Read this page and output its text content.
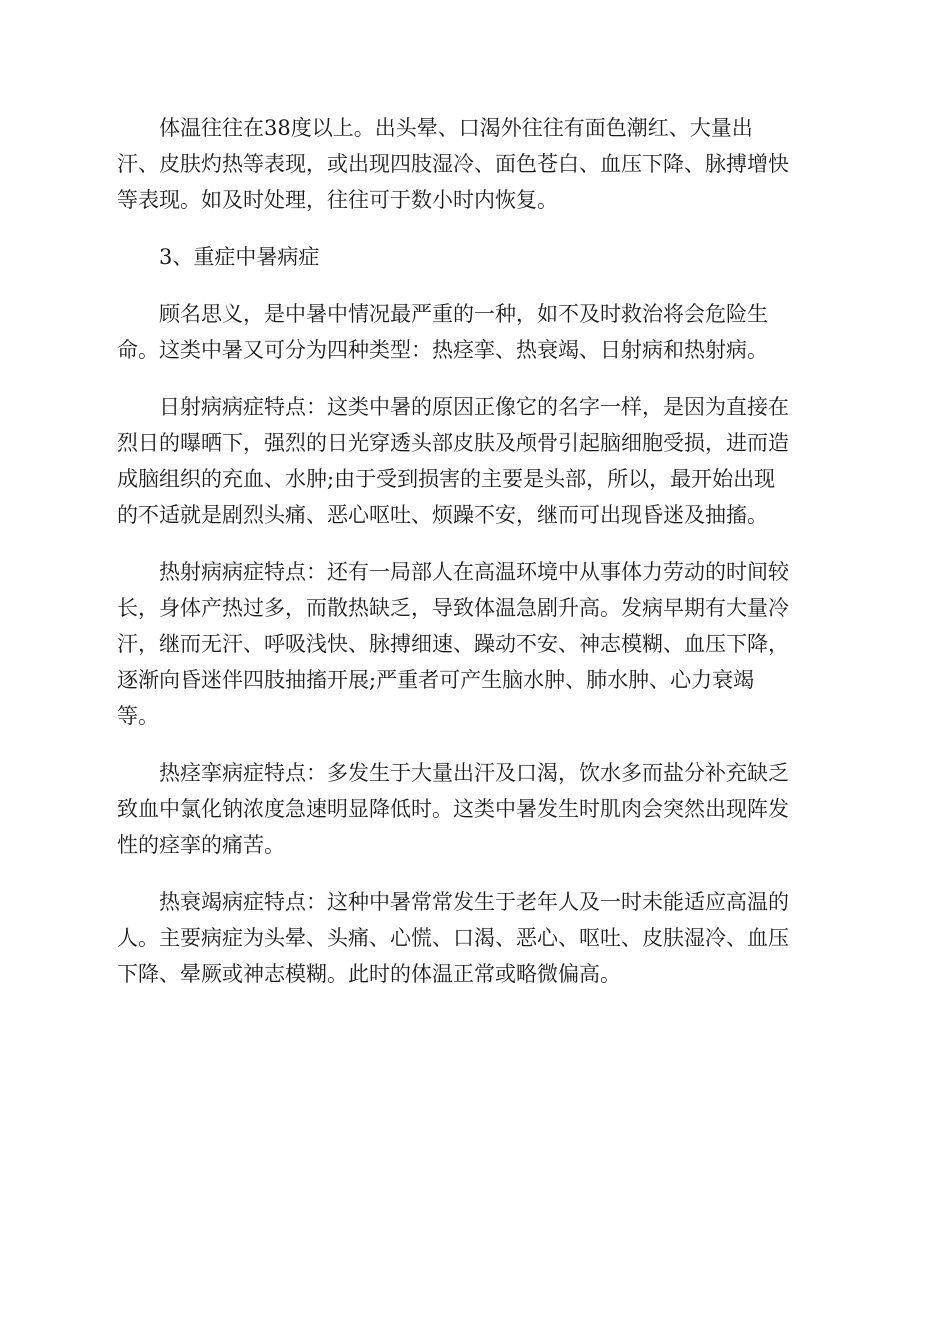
体温往往在38度以上。出头晕、口渴外往往有面色潮红、大量出
汗、皮肤灼热等表现，或出现四肢湿冷、面色苍白、血压下降、脉搏增快
等表现。如及时处理，往往可于数小时内恢复。

3、重症中暑病症

顾名思义，是中暑中情况最严重的一种，如不及时救治将会危险生
命。这类中暑又可分为四种类型：热痉挛、热衰竭、日射病和热射病。

日射病病症特点：这类中暑的原因正像它的名字一样，是因为直接在
烈日的曝晒下，强烈的日光穿透头部皮肤及颅骨引起脑细胞受损，进而造
成脑组织的充血、水肿;由于受到损害的主要是头部，所以，最开始出现
的不适就是剧烈头痛、恶心呕吐、烦躁不安，继而可出现昏迷及抽搐。

热射病病症特点：还有一局部人在高温环境中从事体力劳动的时间较
长，身体产热过多，而散热缺乏，导致体温急剧升高。发病早期有大量冷
汗，继而无汗、呼吸浅快、脉搏细速、躁动不安、神志模糊、血压下降，
逐渐向昏迷伴四肢抽搐开展;严重者可产生脑水肿、肺水肿、心力衰竭
等。

热痉挛病症特点：多发生于大量出汗及口渴，饮水多而盐分补充缺乏
致血中氯化钠浓度急速明显降低时。这类中暑发生时肌肉会突然出现阵发
性的痉挛的痛苦。

热衰竭病症特点：这种中暑常常发生于老年人及一时未能适应高温的
人。主要病症为头晕、头痛、心慌、口渴、恶心、呕吐、皮肤湿冷、血压
下降、晕厥或神志模糊。此时的体温正常或略微偏高。
